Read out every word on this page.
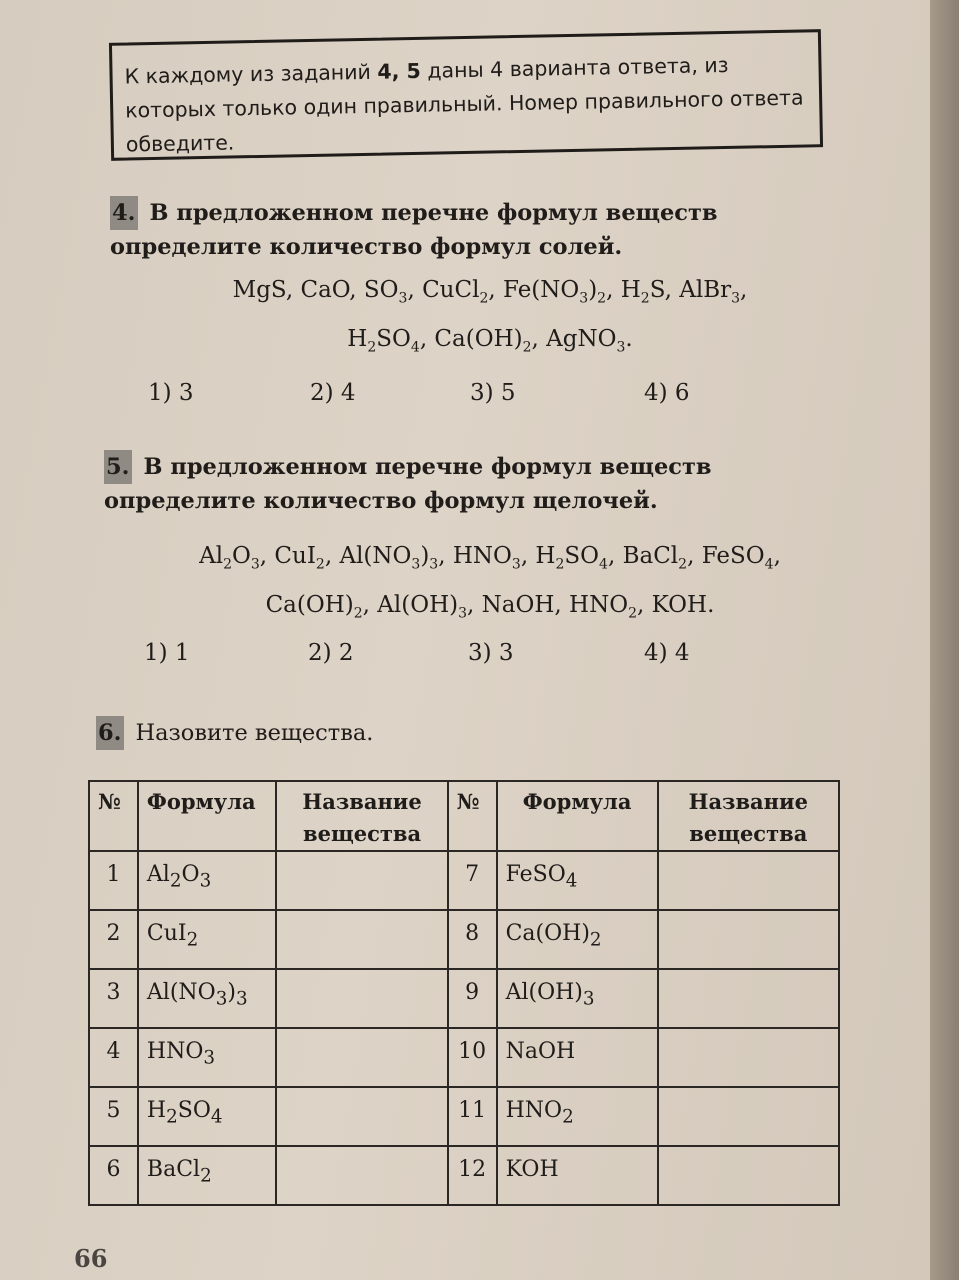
К каждому из заданий 4, 5 даны 4 варианта ответа, из которых только один правильный. Номер правильного ответа обведите.
4. В предложенном перечне формул веществ определите количество формул солей.
MgS, CaO, $SO_3$, CuCl$_2$, $Fe(NO_3)_2$, $H_2S$, AlBr$_3$,
$H_2SO_4$, $Ca(OH)_2$, AgNO$_3$.
1) 3	2) 4	3) 5	4) 6
5. В предложенном перечне формул веществ определите количество формул щелочей.
$Al_2O_3$, CuI$_2$, $Al(NO_3)_3$, $HNO_3$, $H_2SO_4$, BaCl$_2$, FeSO$_4$,
$Ca(OH)_2$, $Al(OH)_3$, NaOH, $HNO_2$, KOH.
1) 1	2) 2	3) 3	4) 4
6. Назовите вещества.
№	Формула	Название вещества	№	Формула	Название вещества
1	$Al_2O_3$		7	FeSO$_4$	
2	CuI$_2$		8	$Ca(OH)_2$	
3	$Al(NO_3)_3$		9	$Al(OH)_3$	
4	$HNO_3$		10	NaOH	
5	$H_2SO_4$		11	$HNO_2$	
6	BaCl$_2$		12	KOH	
66
